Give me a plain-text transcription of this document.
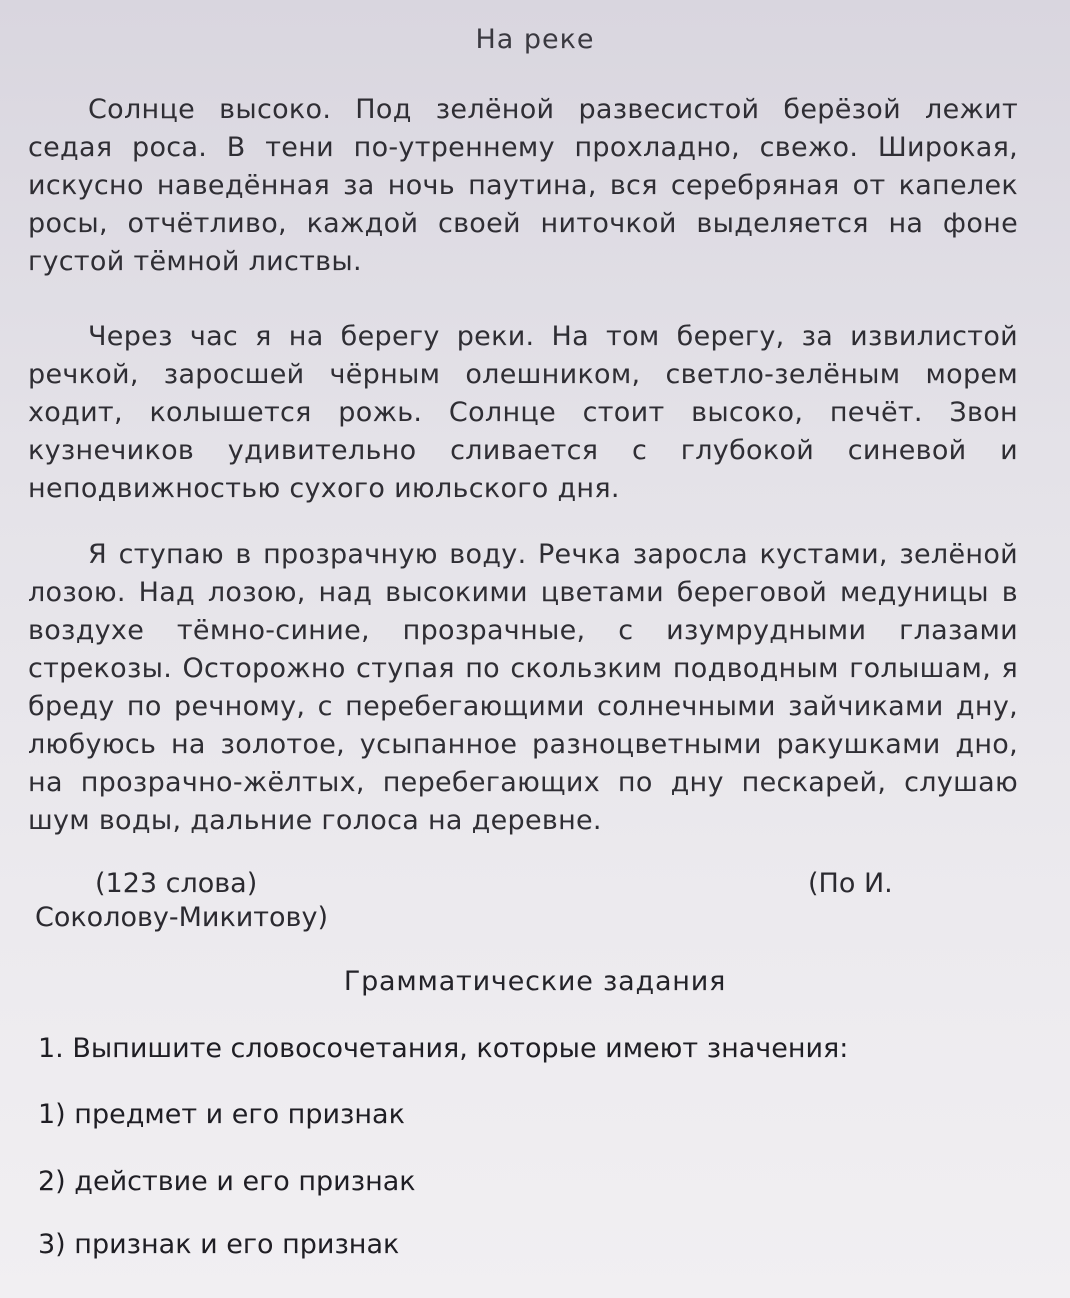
На реке
Солнце высоко. Под зелёной развесистой берёзой лежит седая роса. В тени по-утреннему прохладно, свежо. Широкая, искусно наведённая за ночь паутина, вся серебряная от капелек росы, отчётливо, каждой своей ниточкой выделяется на фоне густой тёмной листвы.
Через час я на берегу реки. На том берегу, за извилистой речкой, заросшей чёрным олешником, светло-зелёным морем ходит, колышется рожь. Солнце стоит высоко, печёт. Звон кузнечиков удивительно сливается с глубокой синевой и неподвижностью сухого июльского дня.
Я ступаю в прозрачную воду. Речка заросла кустами, зелёной лозою. Над лозою, над высокими цветами береговой медуницы в воздухе тёмно-синие, прозрачные, с изумрудными глазами стрекозы. Осторожно ступая по скользким подводным голышам, я бреду по речному, с перебегающими солнечными зайчиками дну, любуюсь на золотое, усыпанное разноцветными ракушками дно, на прозрачно-жёлтых, перебегающих по дну пескарей, слушаю шум воды, дальние голоса на деревне.
(123 слова)	(По И.
Соколову-Микитову)
Грамматические задания
1. Выпишите словосочетания, которые имеют значения:
1) предмет и его признак
2) действие и его признак
3) признак и его признак
